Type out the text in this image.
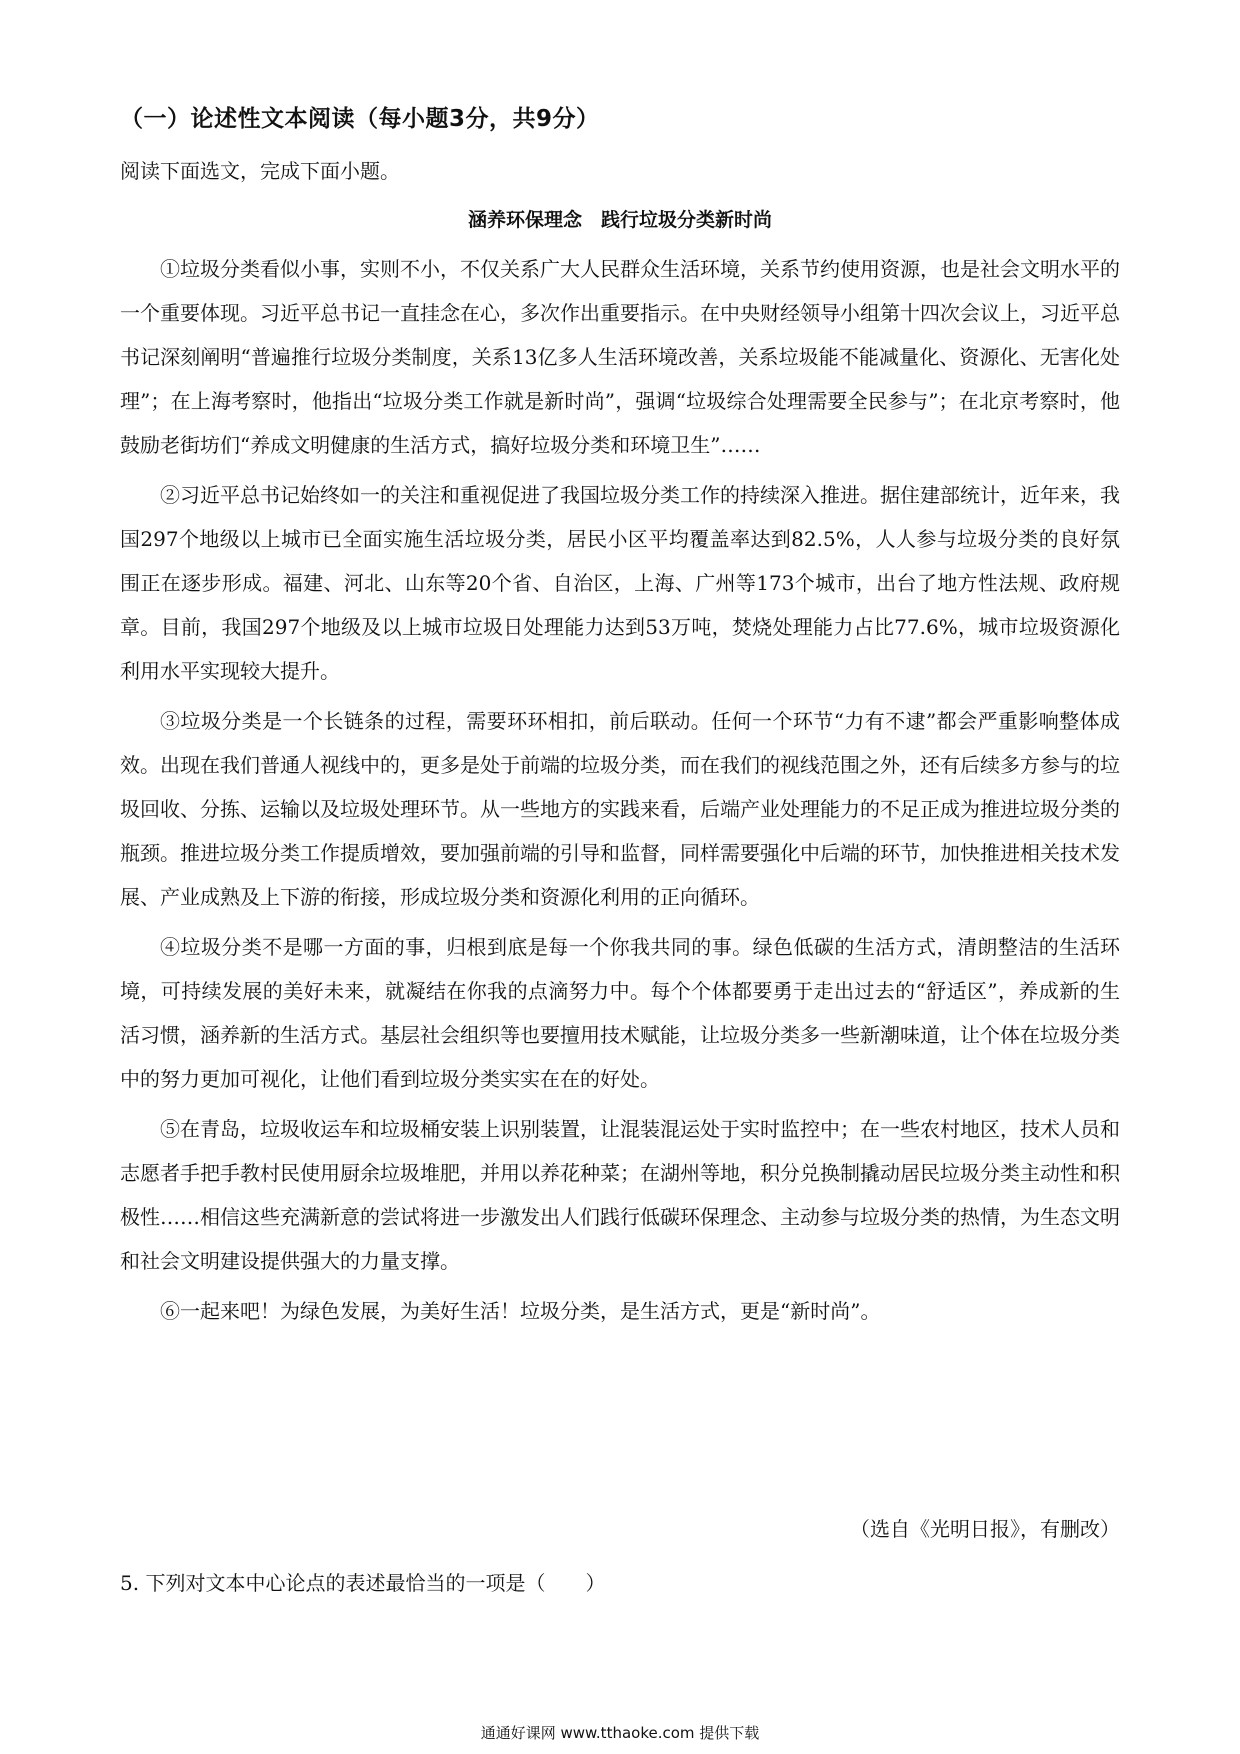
（一）论述性文本阅读（每小题3分，共9分）

阅读下面选文，完成下面小题。

涵养环保理念　践行垃圾分类新时尚

①垃圾分类看似小事，实则不小，不仅关系广大人民群众生活环境，关系节约使用资源，也是社会文明水平的一个重要体现。习近平总书记一直挂念在心，多次作出重要指示。在中央财经领导小组第十四次会议上，习近平总书记深刻阐明“普遍推行垃圾分类制度，关系13亿多人生活环境改善，关系垃圾能不能减量化、资源化、无害化处理”；在上海考察时，他指出“垃圾分类工作就是新时尚”，强调“垃圾综合处理需要全民参与”；在北京考察时，他鼓励老街坊们“养成文明健康的生活方式，搞好垃圾分类和环境卫生”……

②习近平总书记始终如一的关注和重视促进了我国垃圾分类工作的持续深入推进。据住建部统计，近年来，我国297个地级以上城市已全面实施生活垃圾分类，居民小区平均覆盖率达到82.5%，人人参与垃圾分类的良好氛围正在逐步形成。福建、河北、山东等20个省、自治区，上海、广州等173个城市，出台了地方性法规、政府规章。目前，我国297个地级及以上城市垃圾日处理能力达到53万吨，焚烧处理能力占比77.6%，城市垃圾资源化利用水平实现较大提升。

③垃圾分类是一个长链条的过程，需要环环相扣，前后联动。任何一个环节“力有不逮”都会严重影响整体成效。出现在我们普通人视线中的，更多是处于前端的垃圾分类，而在我们的视线范围之外，还有后续多方参与的垃圾回收、分拣、运输以及垃圾处理环节。从一些地方的实践来看，后端产业处理能力的不足正成为推进垃圾分类的瓶颈。推进垃圾分类工作提质增效，要加强前端的引导和监督，同样需要强化中后端的环节，加快推进相关技术发展、产业成熟及上下游的衔接，形成垃圾分类和资源化利用的正向循环。

④垃圾分类不是哪一方面的事，归根到底是每一个你我共同的事。绿色低碳的生活方式，清朗整洁的生活环境，可持续发展的美好未来，就凝结在你我的点滴努力中。每个个体都要勇于走出过去的“舒适区”，养成新的生活习惯，涵养新的生活方式。基层社会组织等也要擅用技术赋能，让垃圾分类多一些新潮味道，让个体在垃圾分类中的努力更加可视化，让他们看到垃圾分类实实在在的好处。

⑤在青岛，垃圾收运车和垃圾桶安装上识别装置，让混装混运处于实时监控中；在一些农村地区，技术人员和志愿者手把手教村民使用厨余垃圾堆肥，并用以养花种菜；在湖州等地，积分兑换制撬动居民垃圾分类主动性和积极性……相信这些充满新意的尝试将进一步激发出人们践行低碳环保理念、主动参与垃圾分类的热情，为生态文明和社会文明建设提供强大的力量支撑。

⑥一起来吧！为绿色发展，为美好生活！垃圾分类，是生活方式，更是“新时尚”。

（选自《光明日报》，有删改）

5. 下列对文本中心论点的表述最恰当的一项是（　　）

通通好课网 www.tthaoke.com 提供下载
